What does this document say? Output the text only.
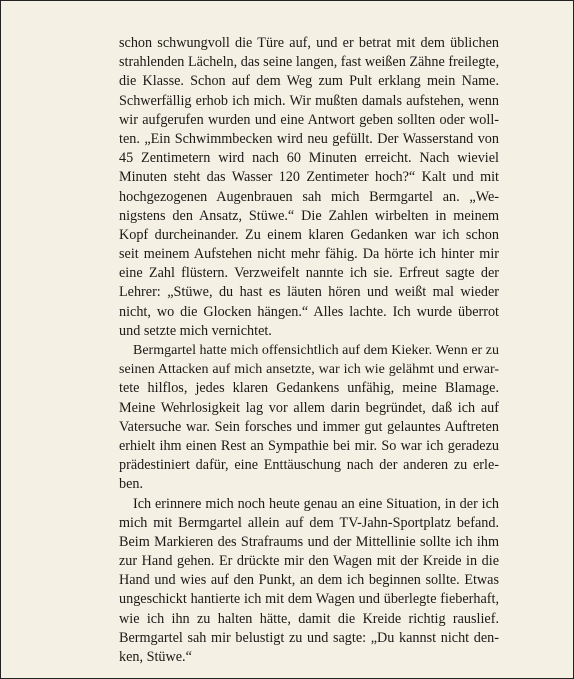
schon schwungvoll die Türe auf, und er betrat mit dem üblichen
strahlenden Lächeln, das seine langen, fast weißen Zähne freilegte,
die Klasse. Schon auf dem Weg zum Pult erklang mein Name.
Schwerfällig erhob ich mich. Wir mußten damals aufstehen, wenn
wir aufgerufen wurden und eine Antwort geben sollten oder woll-
ten. „Ein Schwimmbecken wird neu gefüllt. Der Wasserstand von
45 Zentimetern wird nach 60 Minuten erreicht. Nach wieviel
Minuten steht das Wasser 120 Zentimeter hoch?“ Kalt und mit
hochgezogenen Augenbrauen sah mich Bermgartel an. „We-
nigstens den Ansatz, Stüwe.“ Die Zahlen wirbelten in meinem
Kopf durcheinander. Zu einem klaren Gedanken war ich schon
seit meinem Aufstehen nicht mehr fähig. Da hörte ich hinter mir
eine Zahl flüstern. Verzweifelt nannte ich sie. Erfreut sagte der
Lehrer: „Stüwe, du hast es läuten hören und weißt mal wieder
nicht, wo die Glocken hängen.“ Alles lachte. Ich wurde überrot
und setzte mich vernichtet.
Bermgartel hatte mich offensichtlich auf dem Kieker. Wenn er zu
seinen Attacken auf mich ansetzte, war ich wie gelähmt und erwar-
tete hilflos, jedes klaren Gedankens unfähig, meine Blamage.
Meine Wehrlosigkeit lag vor allem darin begründet, daß ich auf
Vatersuche war. Sein forsches und immer gut gelauntes Auftreten
erhielt ihm einen Rest an Sympathie bei mir. So war ich geradezu
prädestiniert dafür, eine Enttäuschung nach der anderen zu erle-
ben.
Ich erinnere mich noch heute genau an eine Situation, in der ich
mich mit Bermgartel allein auf dem TV-Jahn-Sportplatz befand.
Beim Markieren des Strafraums und der Mittellinie sollte ich ihm
zur Hand gehen. Er drückte mir den Wagen mit der Kreide in die
Hand und wies auf den Punkt, an dem ich beginnen sollte. Etwas
ungeschickt hantierte ich mit dem Wagen und überlegte fieberhaft,
wie ich ihn zu halten hätte, damit die Kreide richtig rauslief.
Bermgartel sah mir belustigt zu und sagte: „Du kannst nicht den-
ken, Stüwe.“
